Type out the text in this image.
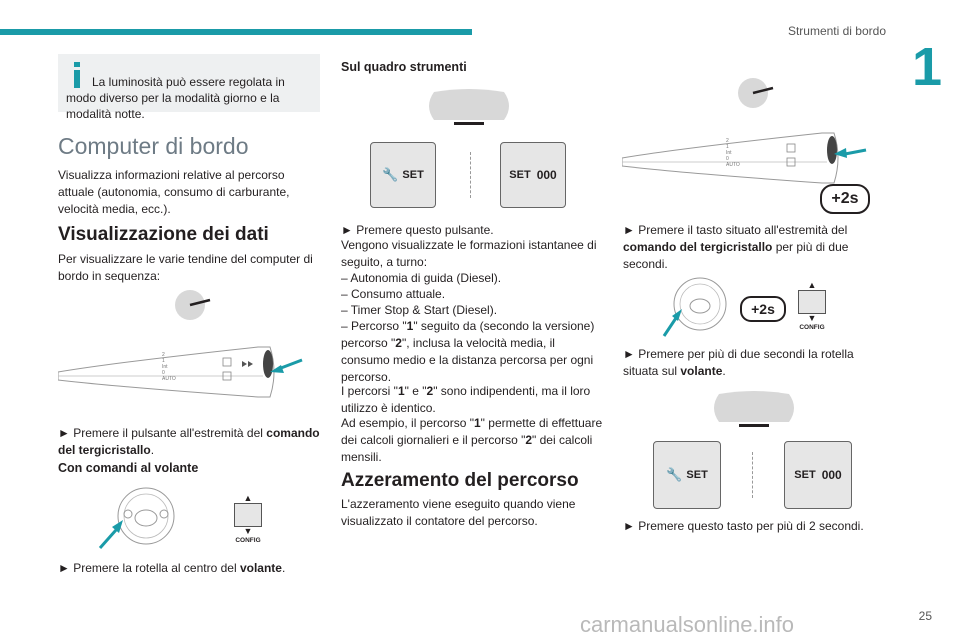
Strumenti di bordo
1

La luminosità può essere regolata in modo diverso per la modalità giorno e la modalità notte.

Computer di bordo

Visualizza informazioni relative al percorso attuale (autonomia, consumo di carburante, velocità media, ecc.).

Visualizzazione dei dati

Per visualizzare le varie tendine del computer di bordo in sequenza:

2 1 Int 0 AUTO

► Premere il pulsante all'estremità del comando del tergicristallo.

Con comandi al volante
▲
▼
CONFIG

► Premere la rotella al centro del volante.

Sul quadro strumenti
🔧 SET	SET 000

► Premere questo pulsante.

Vengono visualizzate le formazioni istantanee di seguito, a turno:

– Autonomia di guida (Diesel).

– Consumo attuale.

– Timer Stop & Start (Diesel).

– Percorso "1" seguito da (secondo la versione) percorso "2", inclusa la velocità media, il consumo medio e la distanza percorsa per ogni percorso.

I percorsi "1" e "2" sono indipendenti, ma il loro utilizzo è identico.

Ad esempio, il percorso "1" permette di effettuare dei calcoli giornalieri e il percorso "2" dei calcoli mensili.

Azzeramento del percorso

L'azzeramento viene eseguito quando viene visualizzato il contatore del percorso.

2 1 Int 0 AUTO
+2s

► Premere il tasto situato all'estremità del comando del tergicristallo per più di due secondi.

+2s
▲
▼
CONFIG

► Premere per più di due secondi la rotella situata sul volante.

🔧 SET	SET 000

► Premere questo tasto per più di 2 secondi.

25
carmanualsonline.info
